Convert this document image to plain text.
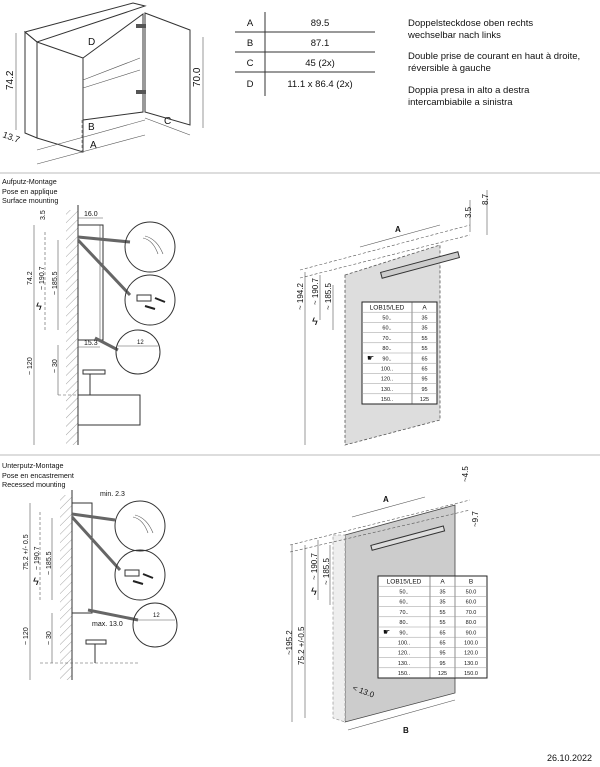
74.2	70.0
13.7
D
B
A
C
A	89.5
B	87.1
C	45 (2x)
D	11.1 x 86.4 (2x)
12
16.0
15.3
3.5
74.2 ~ 190.7 ~ 185.5
~ 120	~ 30
ϟ
A
3.5
8.7
~ 194.2 ~ 190.7 ~ 185.5
ϟ
LOB15/LED	A
50..	35
60..	35
70..	55
80..	55
90..	65
☛
100..	65
120..	95
130..	95
150..	125
12
min. 2.3
max. 13.0
75.2 +/- 0.5 ~ 190.7 ~ 185.5
~ 120 ~ 30
ϟ
A
B
~4.5
~9.7
~195.2 75.2 +/-0.5
~ 190.7 ~ 185.5
< 13.0
ϟ
LOB15/LED	A	B
50..	35	50.0
60..	35	60.0
70..	55	70.0
80..	55	80.0
90..	65	90.0
☛
100..	65	100.0
120..	95	120.0
130..	95	130.0
150..	125	150.0
Doppelsteckdose oben rechts
wechselbar nach links
Double prise de courant en haut à droite,
réversible à gauche
Doppia presa in alto a destra
intercambiabile a sinistra
Aufputz-Montage
Pose en applique
Surface mounting
Unterputz-Montage
Pose en encastrement
Recessed mounting
26.10.2022
